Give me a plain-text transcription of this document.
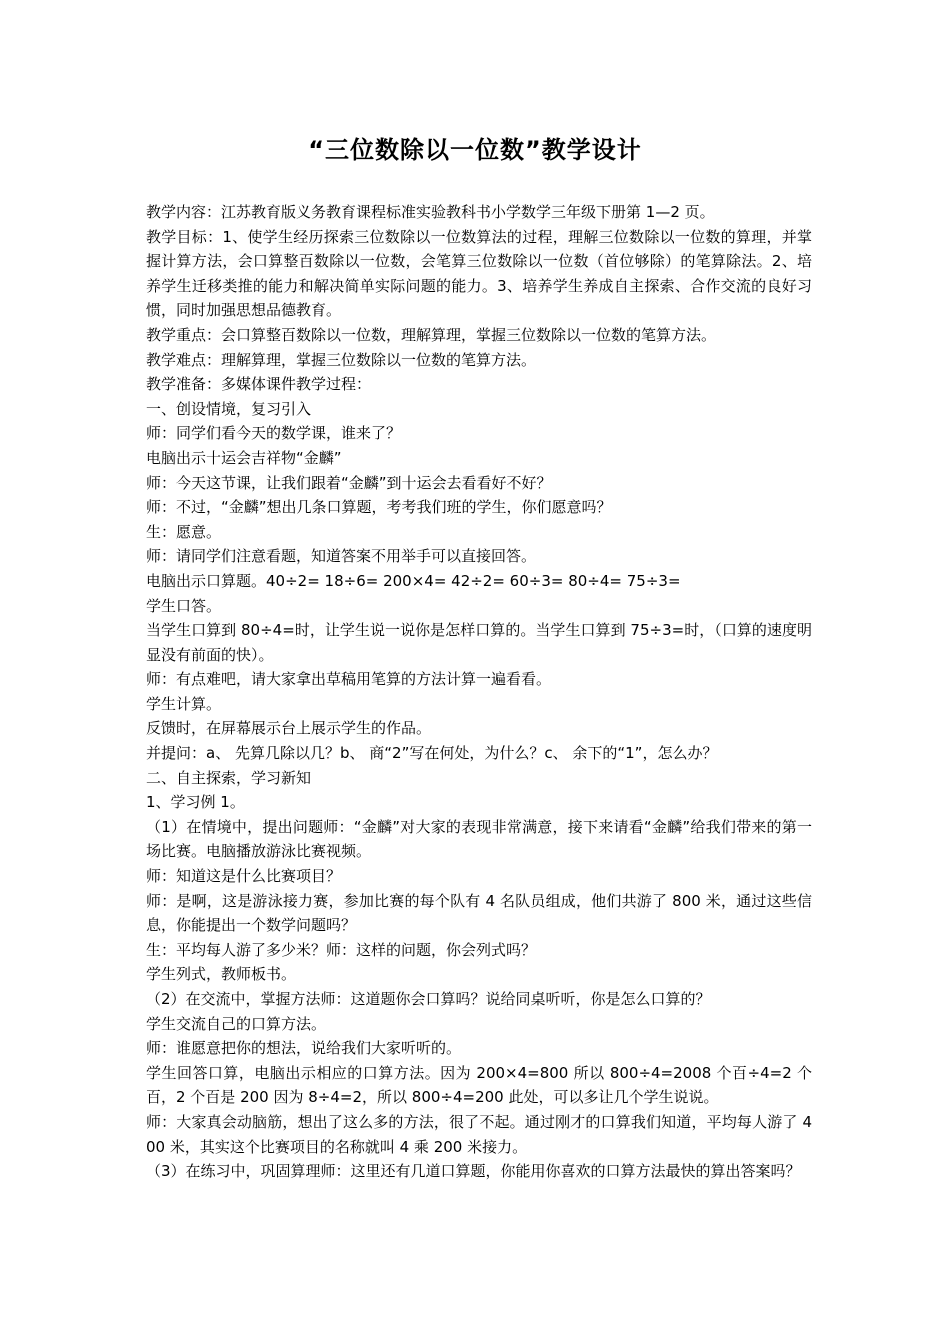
“三位数除以一位数”教学设计

教学内容：江苏教育版义务教育课程标准实验教科书小学数学三年级下册第 1—2 页。

教学目标：1、使学生经历探索三位数除以一位数算法的过程，理解三位数除以一位数的算理，并掌握计算方法，会口算整百数除以一位数，会笔算三位数除以一位数（首位够除）的笔算除法。2、培养学生迁移类推的能力和解决简单实际问题的能力。3、培养学生养成自主探索、合作交流的良好习惯，同时加强思想品德教育。

教学重点：会口算整百数除以一位数，理解算理，掌握三位数除以一位数的笔算方法。

教学难点：理解算理，掌握三位数除以一位数的笔算方法。

教学准备：多媒体课件教学过程：

一、创设情境，复习引入

师：同学们看今天的数学课，谁来了？

电脑出示十运会吉祥物“金麟”

师：今天这节课，让我们跟着“金麟”到十运会去看看好不好？

师：不过，“金麟”想出几条口算题，考考我们班的学生，你们愿意吗？

生：愿意。

师：请同学们注意看题，知道答案不用举手可以直接回答。

电脑出示口算题。40÷2= 18÷6= 200×4= 42÷2= 60÷3= 80÷4= 75÷3=

学生口答。

当学生口算到 80÷4=时，让学生说一说你是怎样口算的。当学生口算到 75÷3=时，（口算的速度明显没有前面的快）。

师：有点难吧，请大家拿出草稿用笔算的方法计算一遍看看。

学生计算。

反馈时，在屏幕展示台上展示学生的作品。

并提问：a、 先算几除以几？b、 商“2”写在何处，为什么？c、 余下的“1”，怎么办？

二、自主探索，学习新知

1、学习例 1。

（1）在情境中，提出问题师：“金麟”对大家的表现非常满意，接下来请看“金麟”给我们带来的第一场比赛。电脑播放游泳比赛视频。

师：知道这是什么比赛项目？

师：是啊，这是游泳接力赛，参加比赛的每个队有 4 名队员组成，他们共游了 800 米，通过这些信息，你能提出一个数学问题吗？

生：平均每人游了多少米？师：这样的问题，你会列式吗？

学生列式，教师板书。

（2）在交流中，掌握方法师：这道题你会口算吗？说给同桌听听，你是怎么口算的？

学生交流自己的口算方法。

师：谁愿意把你的想法，说给我们大家听听的。

学生回答口算，电脑出示相应的口算方法。因为 200×4=800 所以 800÷4=2008 个百÷4=2 个百，2 个百是 200 因为 8÷4=2，所以 800÷4=200 此处，可以多让几个学生说说。

师：大家真会动脑筋，想出了这么多的方法，很了不起。通过刚才的口算我们知道，平均每人游了 400 米，其实这个比赛项目的名称就叫 4 乘 200 米接力。

（3）在练习中，巩固算理师：这里还有几道口算题，你能用你喜欢的口算方法最快的算出答案吗？
